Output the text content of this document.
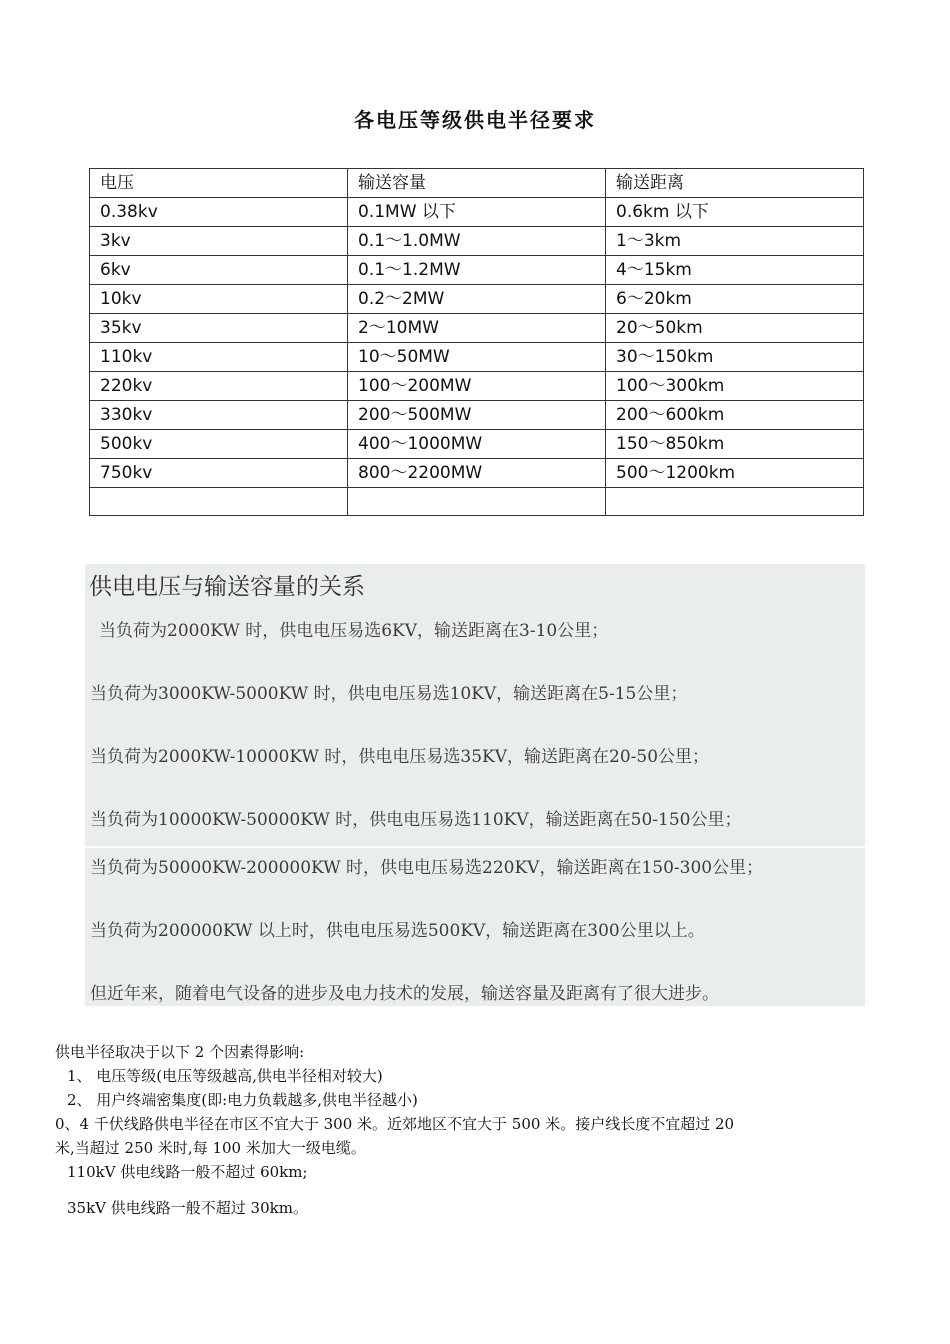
各电压等级供电半径要求
电压	输送容量	输送距离
0.38kv	0.1MW 以下	0.6km 以下
3kv	0.1～1.0MW	1～3km
6kv	0.1～1.2MW	4～15km
10kv	0.2～2MW	6～20km
35kv	2～10MW	20～50km
110kv	10～50MW	30～150km
220kv	100～200MW	100～300km
330kv	200～500MW	200～600km
500kv	400～1000MW	150～850km
750kv	800～2200MW	500～1200km

供电电压与输送容量的关系
当负荷为2000KW 时，供电电压易选6KV，输送距离在3-10公里；
当负荷为3000KW-5000KW 时，供电电压易选10KV，输送距离在5-15公里；
当负荷为2000KW-10000KW 时，供电电压易选35KV，输送距离在20-50公里；
当负荷为10000KW-50000KW 时，供电电压易选110KV，输送距离在50-150公里；
当负荷为50000KW-200000KW 时，供电电压易选220KV，输送距离在150-300公里；
当负荷为200000KW 以上时，供电电压易选500KV，输送距离在300公里以上。
但近年来，随着电气设备的进步及电力技术的发展，输送容量及距离有了很大进步。
供电半径取决于以下 2 个因素得影响:
1、 电压等级(电压等级越高,供电半径相对较大)
2、 用户终端密集度(即:电力负载越多,供电半径越小)
0、4 千伏线路供电半径在市区不宜大于 300 米。近郊地区不宜大于 500 米。接户线长度不宜超过 20
米,当超过 250 米时,每 100 米加大一级电缆。
110kV 供电线路一般不超过 60km;
35kV 供电线路一般不超过 30km。
